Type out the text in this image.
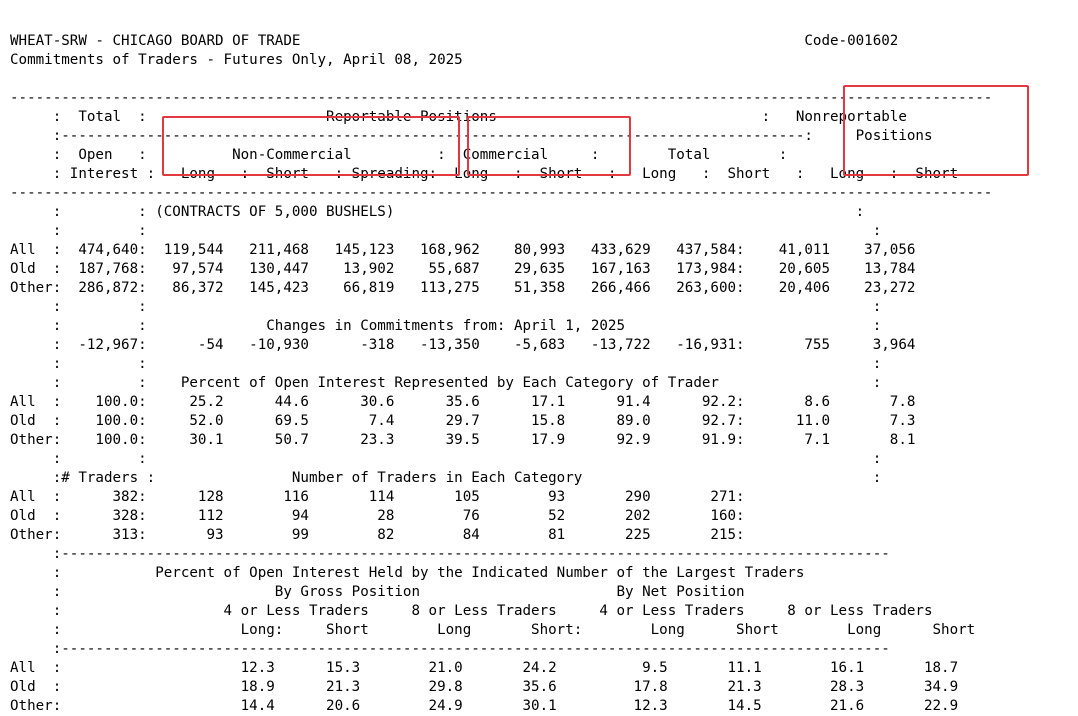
WHEAT-SRW - CHICAGO BOARD OF TRADE                                                           Code-001602
Commitments of Traders - Futures Only, April 08, 2025
-------------------------------------------------------------------------------------------------------------------
:  Total  :                     Reportable Positions                               :   Nonreportable
:---------------------------------------------------------------------------------------:     Positions
:  Open   :          Non-Commercial          :  Commercial     :        Total        :
: Interest :   Long   :  Short   : Spreading:  Long   :  Short   :   Long   :  Short   :   Long   :  Short
-------------------------------------------------------------------------------------------------------------------
:         : (CONTRACTS OF 5,000 BUSHELS)                                                      :
:         :                                                                                     :
All  :  474,640:  119,544   211,468   145,123   168,962    80,993   433,629   437,584:    41,011    37,056
Old  :  187,768:   97,574   130,447    13,902    55,687    29,635   167,163   173,984:    20,605    13,784
Other:  286,872:   86,372   145,423    66,819   113,275    51,358   266,466   263,600:    20,406    23,272
:         :                                                                                     :
:         :              Changes in Commitments from: April 1, 2025                             :
:  -12,967:      -54   -10,930      -318   -13,350    -5,683   -13,722   -16,931:       755     3,964
:         :                                                                                     :
:         :    Percent of Open Interest Represented by Each Category of Trader                  :
All  :    100.0:     25.2      44.6      30.6      35.6      17.1      91.4      92.2:       8.6       7.8
Old  :    100.0:     52.0      69.5       7.4      29.7      15.8      89.0      92.7:      11.0       7.3
Other:    100.0:     30.1      50.7      23.3      39.5      17.9      92.9      91.9:       7.1       8.1
:         :                                                                                     :
:# Traders :                Number of Traders in Each Category                                  :
All  :      382:      128       116       114       105        93       290       271:
Old  :      328:      112        94        28        76        52       202       160:
Other:      313:       93        99        82        84        81       225       215:
:-------------------------------------------------------------------------------------------------
:           Percent of Open Interest Held by the Indicated Number of the Largest Traders
:                         By Gross Position                       By Net Position
:                   4 or Less Traders     8 or Less Traders     4 or Less Traders     8 or Less Traders
:                     Long:     Short        Long       Short:        Long      Short        Long      Short
:-------------------------------------------------------------------------------------------------
All  :                     12.3      15.3        21.0       24.2          9.5       11.1        16.1       18.7
Old  :                     18.9      21.3        29.8       35.6         17.8       21.3        28.3       34.9
Other:                     14.4      20.6        24.9       30.1         12.3       14.5        21.6       22.9
